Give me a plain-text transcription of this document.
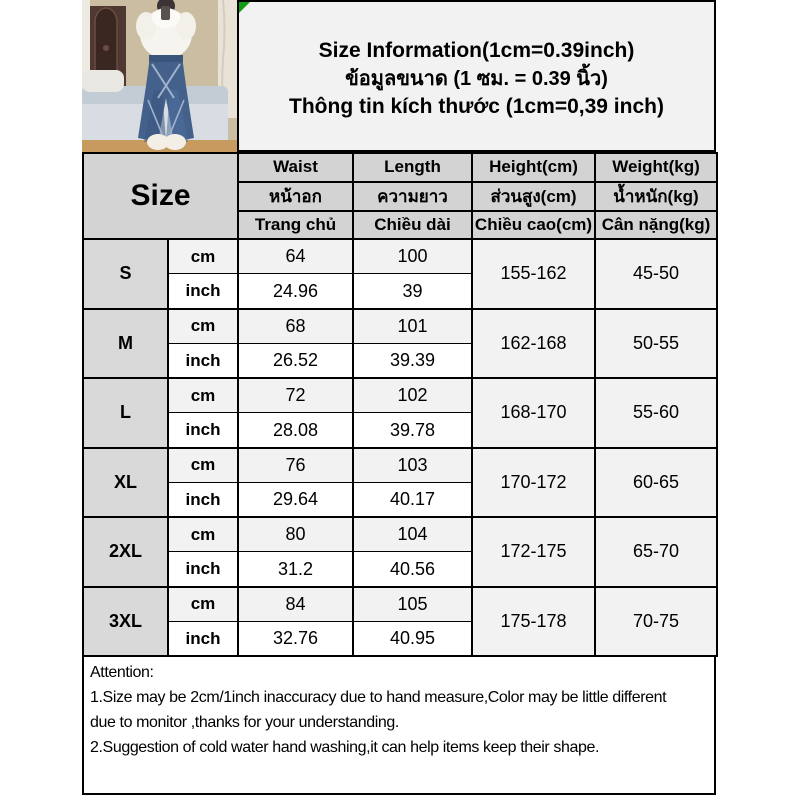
Size Information(1cm=0.39inch)
ข้อมูลขนาด (1 ซม. = 0.39 นิ้ว)
Thông tin kích thước (1cm=0,39 inch)
Size		Waist	Length	Height(cm)	Weight(kg)
		หน้าอก	ความยาว	ส่วนสูง(cm)	น้ำหนัก(kg)
		Trang chủ	Chiều dài	Chiều cao(cm)	Cân nặng(kg)
S	cm	64	100	155-162	45-50
	inch	24.96	39		
M	cm	68	101	162-168	50-55
	inch	26.52	39.39		
L	cm	72	102	168-170	55-60
	inch	28.08	39.78		
XL	cm	76	103	170-172	60-65
	inch	29.64	40.17		
2XL	cm	80	104	172-175	65-70
	inch	31.2	40.56		
3XL	cm	84	105	175-178	70-75
	inch	32.76	40.95		
Attention:
1.Size may be 2cm/1inch inaccuracy due to hand measure,Color may be little different
due to monitor ,thanks for your understanding.
2.Suggestion of cold water hand washing,it can help items keep their shape.
